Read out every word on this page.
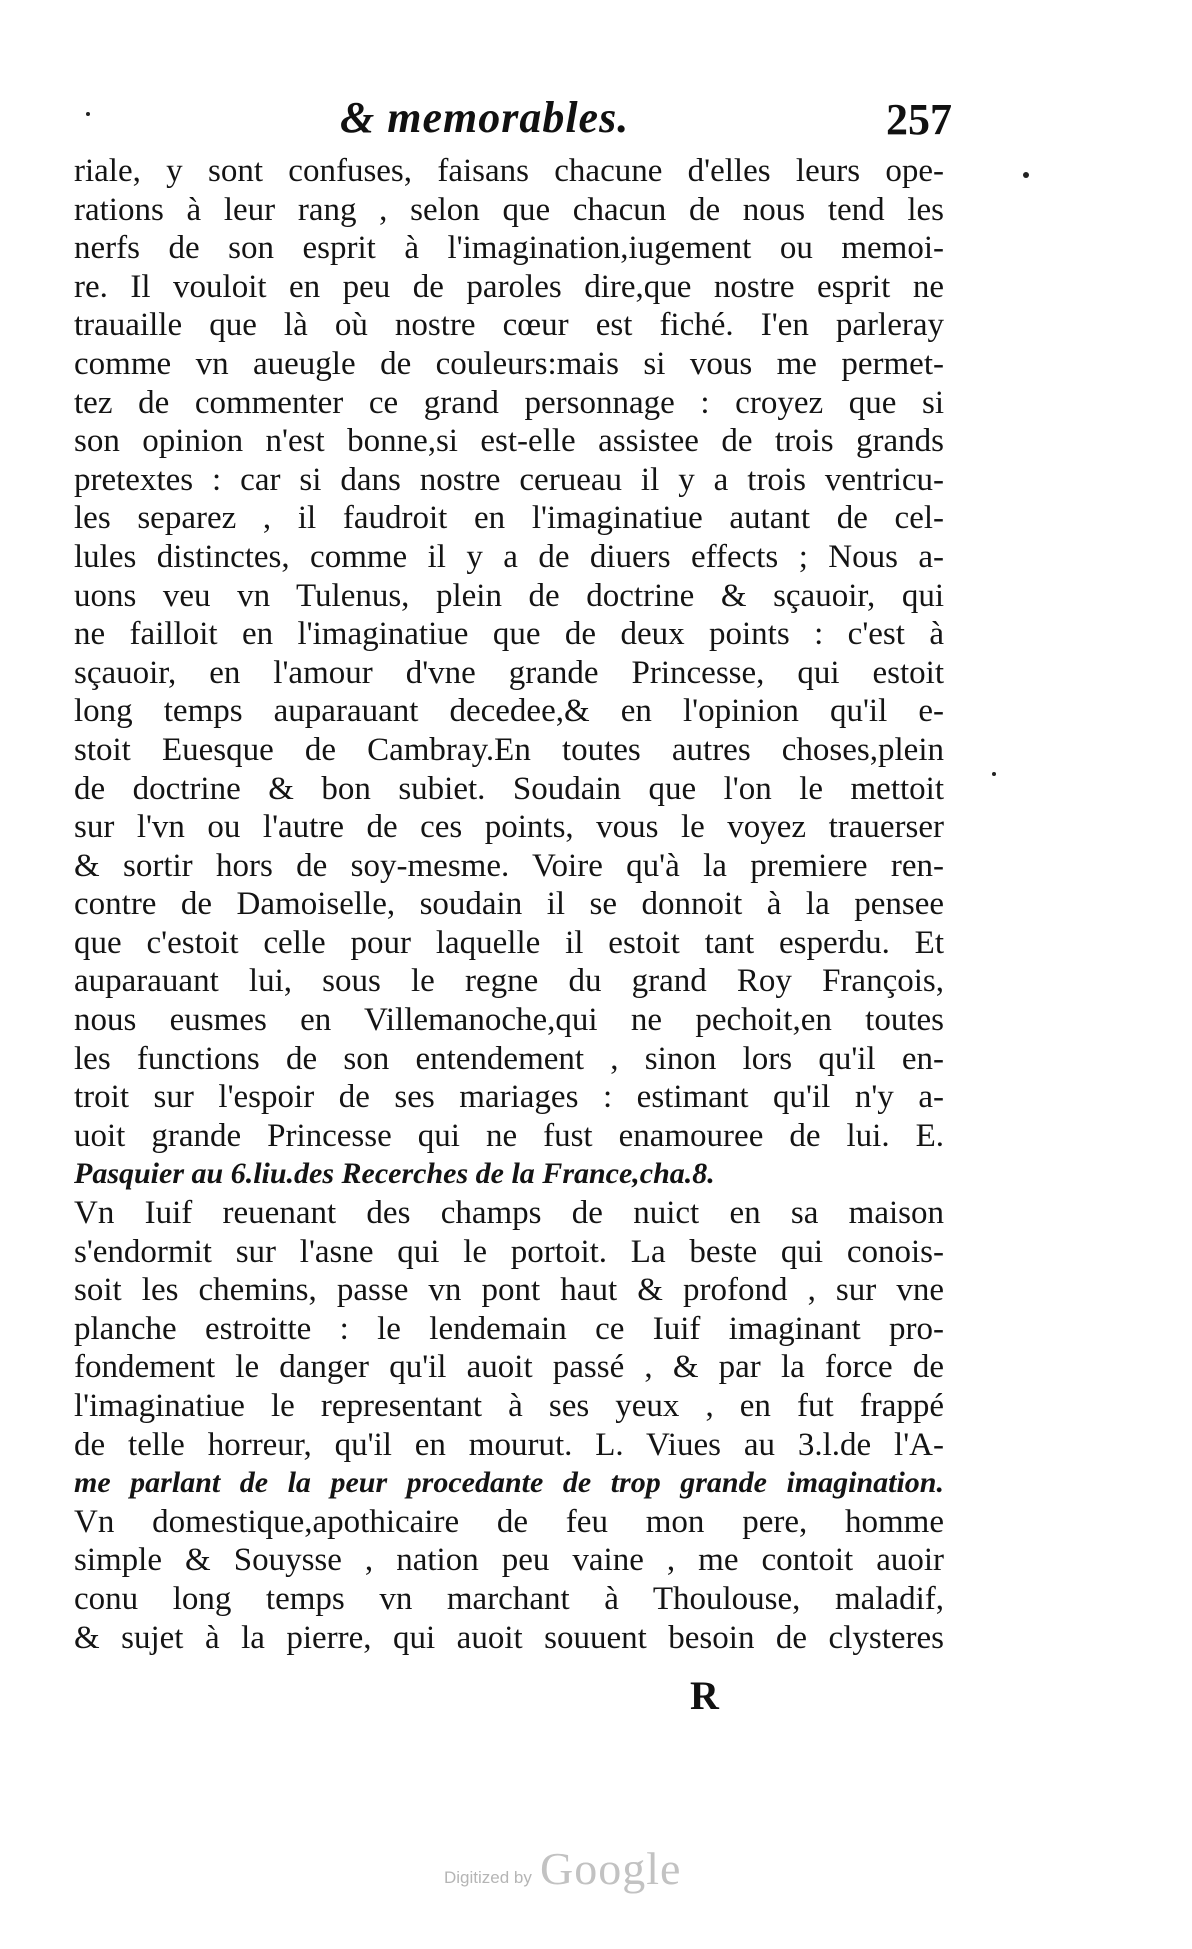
& memorables.	257
riale, y sont confuses, faisans chacune d'elles leurs ope-
rations à leur rang , selon que chacun de nous tend les
nerfs de son esprit à l'imagination,iugement ou memoi-
re. Il vouloit en peu de paroles dire,que nostre esprit ne
trauaille que là où nostre cœur est fiché. I'en parleray
comme vn aueugle de couleurs:mais si vous me permet-
tez de commenter ce grand personnage : croyez que si
son opinion n'est bonne,si est-elle assistee de trois grands
pretextes : car si dans nostre cerueau il y a trois ventricu-
les separez , il faudroit en l'imaginatiue autant de cel-
lules distinctes, comme il y a de diuers effects ; Nous a-
uons veu vn Tulenus, plein de doctrine & sçauoir, qui
ne failloit en l'imaginatiue que de deux points : c'est à
sçauoir, en l'amour d'vne grande Princesse, qui estoit
long temps auparauant decedee,& en l'opinion qu'il e-
stoit Euesque de Cambray.En toutes autres choses,plein
de doctrine & bon subiet. Soudain que l'on le mettoit
sur l'vn ou l'autre de ces points, vous le voyez trauerser
& sortir hors de soy-mesme. Voire qu'à la premiere ren-
contre de Damoiselle, soudain il se donnoit à la pensee
que c'estoit celle pour laquelle il estoit tant esperdu. Et
auparauant lui, sous le regne du grand Roy François,
nous eusmes en Villemanoche,qui ne pechoit,en toutes
les functions de son entendement , sinon lors qu'il en-
troit sur l'espoir de ses mariages : estimant qu'il n'y a-
uoit grande Princesse qui ne fust enamouree de lui. E.
Pasquier au 6.liu.des Recerches de la France,cha.8.
Vn Iuif reuenant des champs de nuict en sa maison
s'endormit sur l'asne qui le portoit. La beste qui conois-
soit les chemins, passe vn pont haut & profond , sur vne
planche estroitte : le lendemain ce Iuif imaginant pro-
fondement le danger qu'il auoit passé , & par la force de
l'imaginatiue le representant à ses yeux , en fut frappé
de telle horreur, qu'il en mourut. L. Viues au 3.l.de l'A-
me parlant de la peur procedante de trop grande imagination.
Vn domestique,apothicaire de feu mon pere, homme
simple & Souysse , nation peu vaine , me contoit auoir
conu long temps vn marchant à Thoulouse, maladif,
& sujet à la pierre, qui auoit souuent besoin de clysteres
R
Digitized by Google
